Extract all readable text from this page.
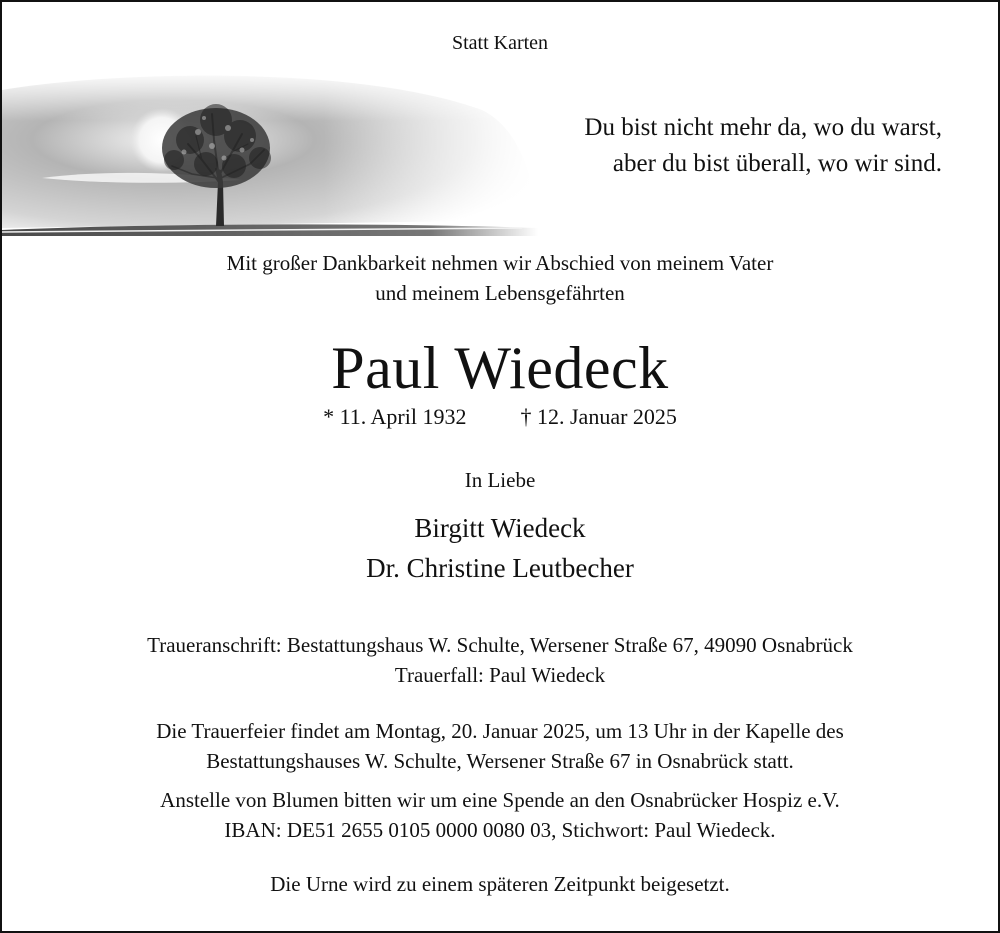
Statt Karten
Du bist nicht mehr da, wo du warst,
aber du bist überall, wo wir sind.
Mit großer Dankbarkeit nehmen wir Abschied von meinem Vater
und meinem Lebensgefährten
Paul Wiedeck
* 11. April 1932 † 12. Januar 2025
In Liebe
Birgitt Wiedeck
Dr. Christine Leutbecher
Traueranschrift: Bestattungshaus W. Schulte, Wersener Straße 67, 49090 Osnabrück
Trauerfall: Paul Wiedeck
Die Trauerfeier findet am Montag, 20. Januar 2025, um 13 Uhr in der Kapelle des
Bestattungshauses W. Schulte, Wersener Straße 67 in Osnabrück statt.
Anstelle von Blumen bitten wir um eine Spende an den Osnabrücker Hospiz e.V.
IBAN: DE51 2655 0105 0000 0080 03, Stichwort: Paul Wiedeck.
Die Urne wird zu einem späteren Zeitpunkt beigesetzt.
